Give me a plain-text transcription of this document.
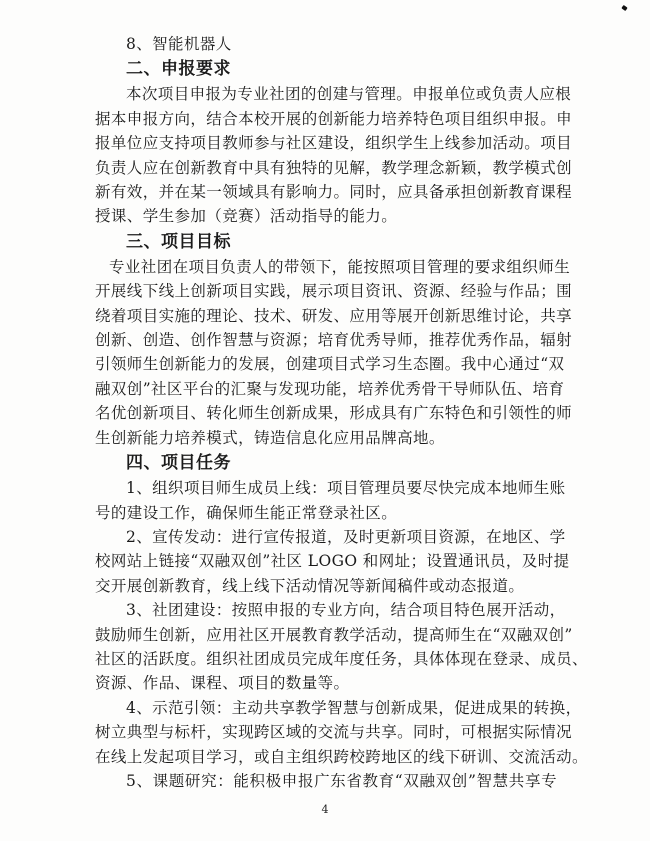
8、智能机器人
二、申报要求
本次项目申报为专业社团的创建与管理。申报单位或负责人应根
据本申报方向，结合本校开展的创新能力培养特色项目组织申报。申
报单位应支持项目教师参与社区建设，组织学生上线参加活动。项目
负责人应在创新教育中具有独特的见解，教学理念新颖，教学模式创
新有效，并在某一领域具有影响力。同时，应具备承担创新教育课程
授课、学生参加（竞赛）活动指导的能力。
三、项目目标
专业社团在项目负责人的带领下，能按照项目管理的要求组织师生
开展线下线上创新项目实践，展示项目资讯、资源、经验与作品；围
绕着项目实施的理论、技术、研发、应用等展开创新思维讨论，共享
创新、创造、创作智慧与资源；培育优秀导师，推荐优秀作品，辐射
引领师生创新能力的发展，创建项目式学习生态圈。我中心通过“双
融双创”社区平台的汇聚与发现功能，培养优秀骨干导师队伍、培育
名优创新项目、转化师生创新成果，形成具有广东特色和引领性的师
生创新能力培养模式，铸造信息化应用品牌高地。
四、项目任务
1、组织项目师生成员上线：项目管理员要尽快完成本地师生账
号的建设工作，确保师生能正常登录社区。
2、宣传发动：进行宣传报道，及时更新项目资源，在地区、学
校网站上链接“双融双创”社区 LOGO 和网址；设置通讯员，及时提
交开展创新教育，线上线下活动情况等新闻稿件或动态报道。
3、社团建设：按照申报的专业方向，结合项目特色展开活动，
鼓励师生创新，应用社区开展教育教学活动，提高师生在“双融双创”
社区的活跃度。组织社团成员完成年度任务，具体体现在登录、成员、
资源、作品、课程、项目的数量等。
4、示范引领：主动共享教学智慧与创新成果，促进成果的转换，
树立典型与标杆，实现跨区域的交流与共享。同时，可根据实际情况
在线上发起项目学习，或自主组织跨校跨地区的线下研训、交流活动。
5、课题研究：能积极申报广东省教育“双融双创”智慧共享专
4
